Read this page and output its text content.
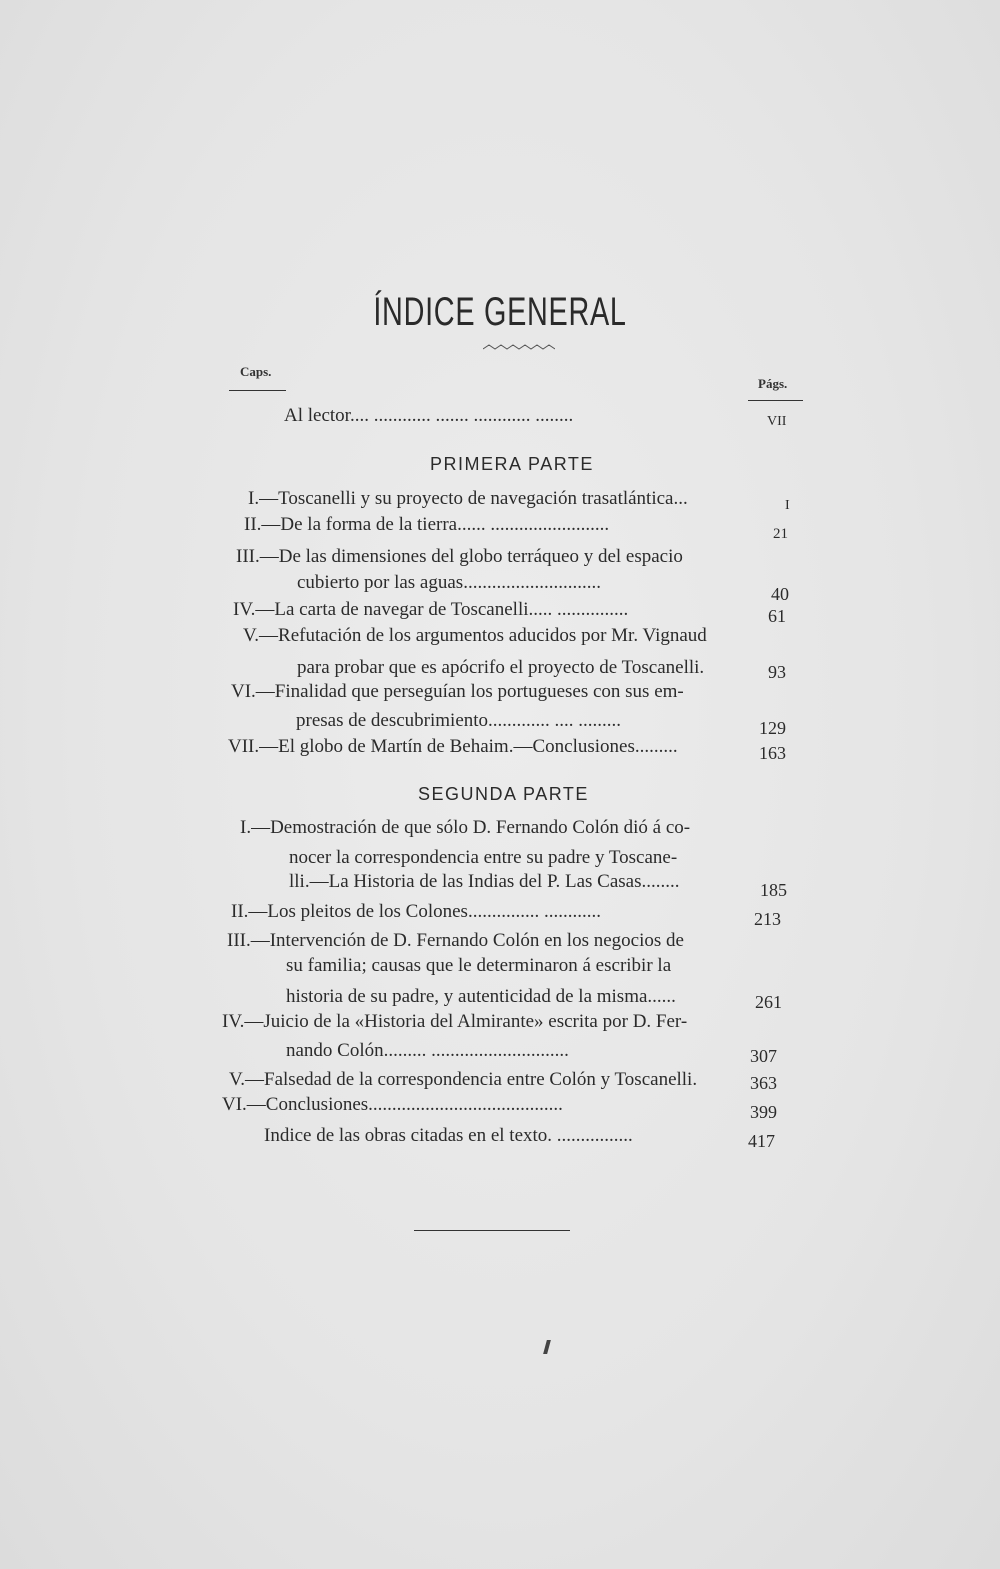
ÍNDICE GENERAL
Caps.
Págs.
Al lector.... ............ ....... ............ ........	VII
PRIMERA PARTE
I.—Toscanelli y su proyecto de navegación trasatlántica...
II.—De la forma de la tierra...... .........................
III.—De las dimensiones del globo terráqueo y del espacio
cubierto por las aguas.............................
IV.—La carta de navegar de Toscanelli..... ...............
V.—Refutación de los argumentos aducidos por Mr. Vignaud
para probar que es apócrifo el proyecto de Toscanelli.
VI.—Finalidad que perseguían los portugueses con sus em-
presas de descubrimiento............. .... .........
VII.—El globo de Martín de Behaim.—Conclusiones.........
I
21
40
61
93
129
163
SEGUNDA PARTE
I.—Demostración de que sólo D. Fernando Colón dió á co-
nocer la correspondencia entre su padre y Toscane-
lli.—La Historia de las Indias del P. Las Casas........
II.—Los pleitos de los Colones............... ............
III.—Intervención de D. Fernando Colón en los negocios de
su familia; causas que le determinaron á escribir la
historia de su padre, y autenticidad de la misma......
IV.—Juicio de la «Historia del Almirante» escrita por D. Fer-
nando Colón......... .............................
V.—Falsedad de la correspondencia entre Colón y Toscanelli.
VI.—Conclusiones.........................................
Indice de las obras citadas en el texto. ................
185
213
261
307
363
399
417
